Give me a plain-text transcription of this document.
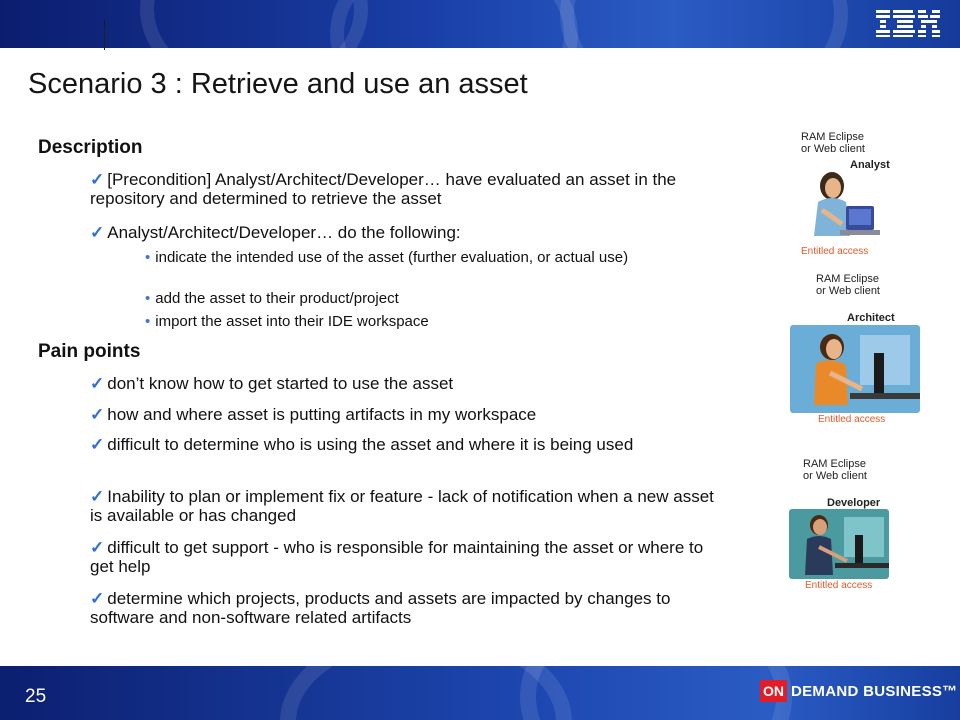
Scenario 3 : Retrieve and use an asset
Description
✓ [Precondition] Analyst/Architect/Developer… have evaluated an asset in the repository and determined to retrieve the asset
✓ Analyst/Architect/Developer… do the following:
• indicate the intended use of the asset (further evaluation, or actual use)
• add the asset to their product/project
• import the asset into their IDE workspace
Pain points
✓ don’t know how to get started to use the asset
✓ how and where asset is putting artifacts in my workspace
✓ difficult to determine who is using the asset and where it is being used
✓ Inability to plan or implement fix or feature - lack of notification when a new asset is available or has changed
✓ difficult to get support - who is responsible for maintaining the asset or where to get help
✓ determine which projects, products and assets are impacted by changes to software and non-software related artifacts
RAM Eclipse
or Web client
Analyst
Entitled access
RAM Eclipse
or Web client
Architect
Entitled access
RAM Eclipse
or Web client
Developer
Entitled access
25	ON DEMAND BUSINESS™
